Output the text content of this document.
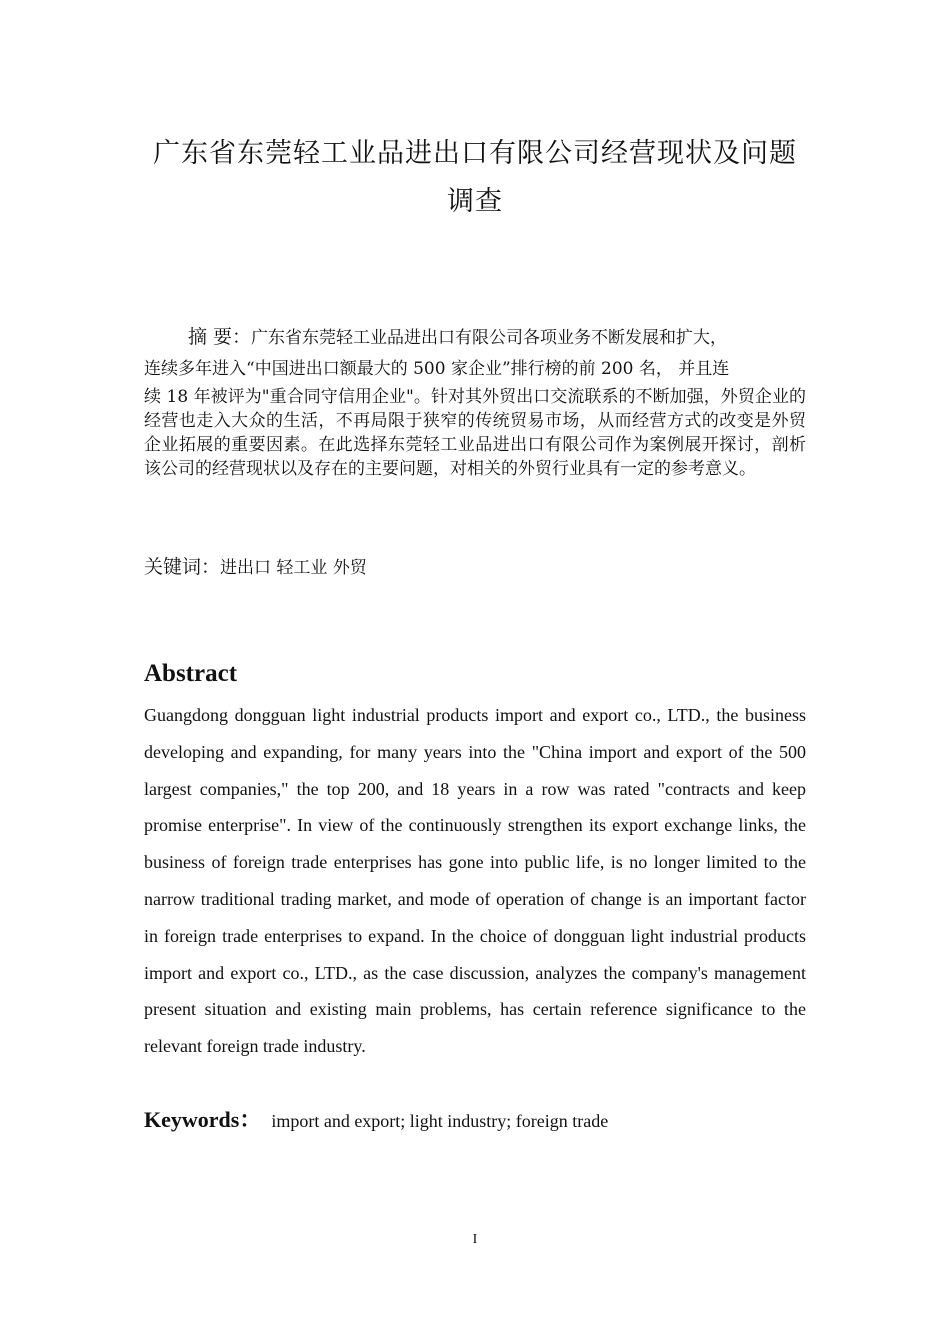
广东省东莞轻工业品进出口有限公司经营现状及问题调查

摘 要：广东省东莞轻工业品进出口有限公司各项业务不断发展和扩大，
连续多年进入“中国进出口额最大的 500 家企业”排行榜的前 200 名， 并且连
续 18 年被评为"重合同守信用企业"。针对其外贸出口交流联系的不断加强，外贸企业的经营也走入大众的生活，不再局限于狭窄的传统贸易市场，从而经营方式的改变是外贸企业拓展的重要因素。在此选择东莞轻工业品进出口有限公司作为案例展开探讨，剖析该公司的经营现状以及存在的主要问题，对相关的外贸行业具有一定的参考意义。

关键词：进出口 轻工业 外贸

Abstract

Guangdong dongguan light industrial products import and export co., LTD., the business developing and expanding, for many years into the "China import and export of the 500 largest companies," the top 200, and 18 years in a row was rated "contracts and keep promise enterprise". In view of the continuously strengthen its export exchange links, the business of foreign trade enterprises has gone into public life, is no longer limited to the narrow traditional trading market, and mode of operation of change is an important factor in foreign trade enterprises to expand. In the choice of dongguan light industrial products import and export co., LTD., as the case discussion, analyzes the company's management present situation and existing main problems, has certain reference significance to the relevant foreign trade industry.

Keywords： import and export; light industry; foreign trade

I
